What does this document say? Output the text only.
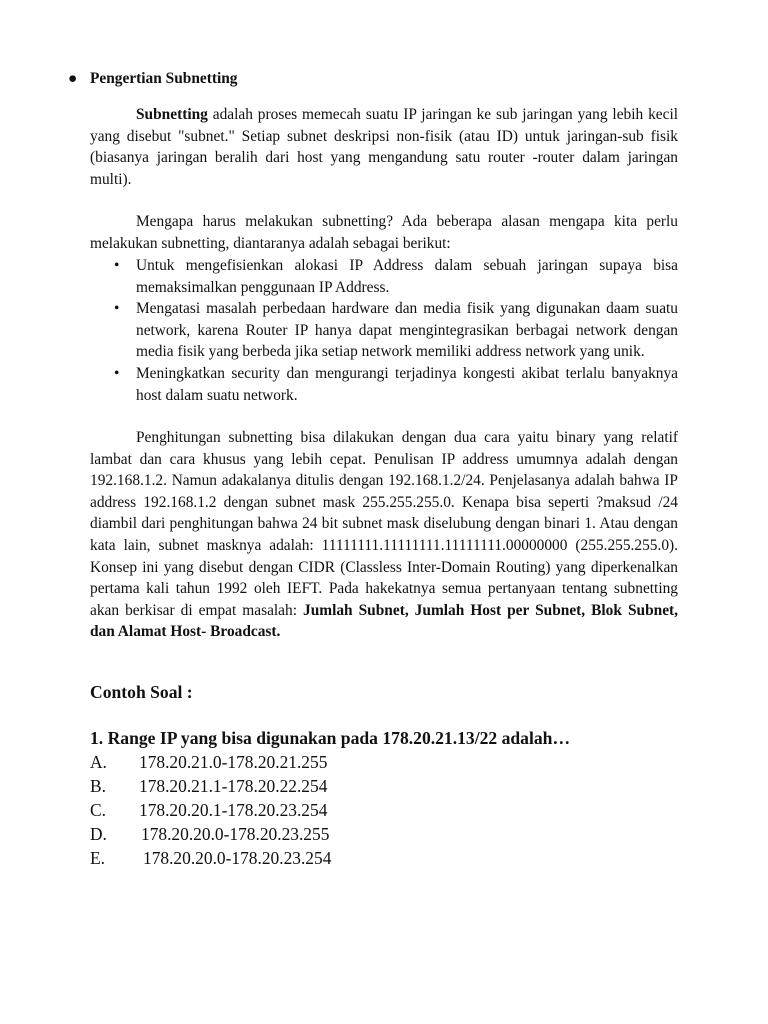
● Pengertian Subnetting

Subnetting adalah proses memecah suatu IP jaringan ke sub jaringan yang lebih kecil yang disebut "subnet." Setiap subnet deskripsi non-fisik (atau ID) untuk jaringan-sub fisik (biasanya jaringan beralih dari host yang mengandung satu router -router dalam jaringan multi).

Mengapa harus melakukan subnetting? Ada beberapa alasan mengapa kita perlu melakukan subnetting, diantaranya adalah sebagai berikut:

• Untuk mengefisienkan alokasi IP Address dalam sebuah jaringan supaya bisa memaksimalkan penggunaan IP Address.
• Mengatasi masalah perbedaan hardware dan media fisik yang digunakan daam suatu network, karena Router IP hanya dapat mengintegrasikan berbagai network dengan media fisik yang berbeda jika setiap network memiliki address network yang unik.
• Meningkatkan security dan mengurangi terjadinya kongesti akibat terlalu banyaknya host dalam suatu network.

Penghitungan subnetting bisa dilakukan dengan dua cara yaitu binary yang relatif lambat dan cara khusus yang lebih cepat. Penulisan IP address umumnya adalah dengan 192.168.1.2. Namun adakalanya ditulis dengan 192.168.1.2/24. Penjelasanya adalah bahwa IP address 192.168.1.2 dengan subnet mask 255.255.255.0. Kenapa bisa seperti ?maksud /24 diambil dari penghitungan bahwa 24 bit subnet mask diselubung dengan binari 1. Atau dengan kata lain, subnet masknya adalah: 11111111.11111111.11111111.00000000 (255.255.255.0). Konsep ini yang disebut dengan CIDR (Classless Inter-Domain Routing) yang diperkenalkan pertama kali tahun 1992 oleh IEFT. Pada hakekatnya semua pertanyaan tentang subnetting akan berkisar di empat masalah: Jumlah Subnet, Jumlah Host per Subnet, Blok Subnet, dan Alamat Host- Broadcast.

Contoh Soal :
1. Range IP yang bisa digunakan pada 178.20.21.13/22 adalah…
A. 178.20.21.0-178.20.21.255
B. 178.20.21.1-178.20.22.254
C. 178.20.20.1-178.20.23.254
D. 178.20.20.0-178.20.23.255
E. 178.20.20.0-178.20.23.254
